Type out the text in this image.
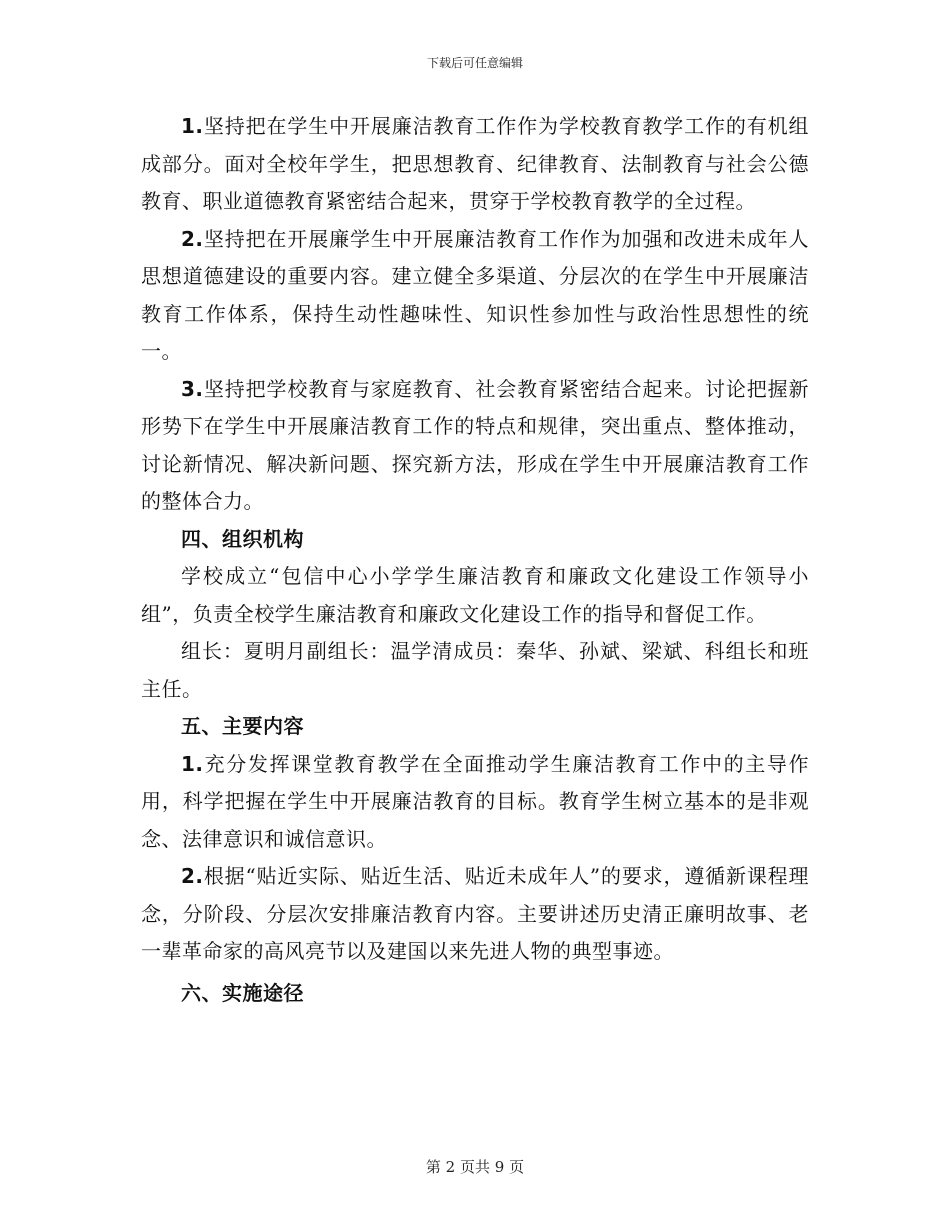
下载后可任意编辑

1.坚持把在学生中开展廉洁教育工作作为学校教育教学工作的有机组成部分。面对全校年学生，把思想教育、纪律教育、法制教育与社会公德教育、职业道德教育紧密结合起来，贯穿于学校教育教学的全过程。

2.坚持把在开展廉学生中开展廉洁教育工作作为加强和改进未成年人思想道德建设的重要内容。建立健全多渠道、分层次的在学生中开展廉洁教育工作体系，保持生动性趣味性、知识性参加性与政治性思想性的统一。

3.坚持把学校教育与家庭教育、社会教育紧密结合起来。讨论把握新形势下在学生中开展廉洁教育工作的特点和规律，突出重点、整体推动，讨论新情况、解决新问题、探究新方法，形成在学生中开展廉洁教育工作的整体合力。

四、组织机构

学校成立“包信中心小学学生廉洁教育和廉政文化建设工作领导小组”，负责全校学生廉洁教育和廉政文化建设工作的指导和督促工作。

组长：夏明月副组长：温学清成员：秦华、孙斌、梁斌、科组长和班主任。

五、主要内容

1.充分发挥课堂教育教学在全面推动学生廉洁教育工作中的主导作用，科学把握在学生中开展廉洁教育的目标。教育学生树立基本的是非观念、法律意识和诚信意识。

2.根据“贴近实际、贴近生活、贴近未成年人”的要求，遵循新课程理念，分阶段、分层次安排廉洁教育内容。主要讲述历史清正廉明故事、老一辈革命家的高风亮节以及建国以来先进人物的典型事迹。

六、实施途径

第 2 页共 9 页
